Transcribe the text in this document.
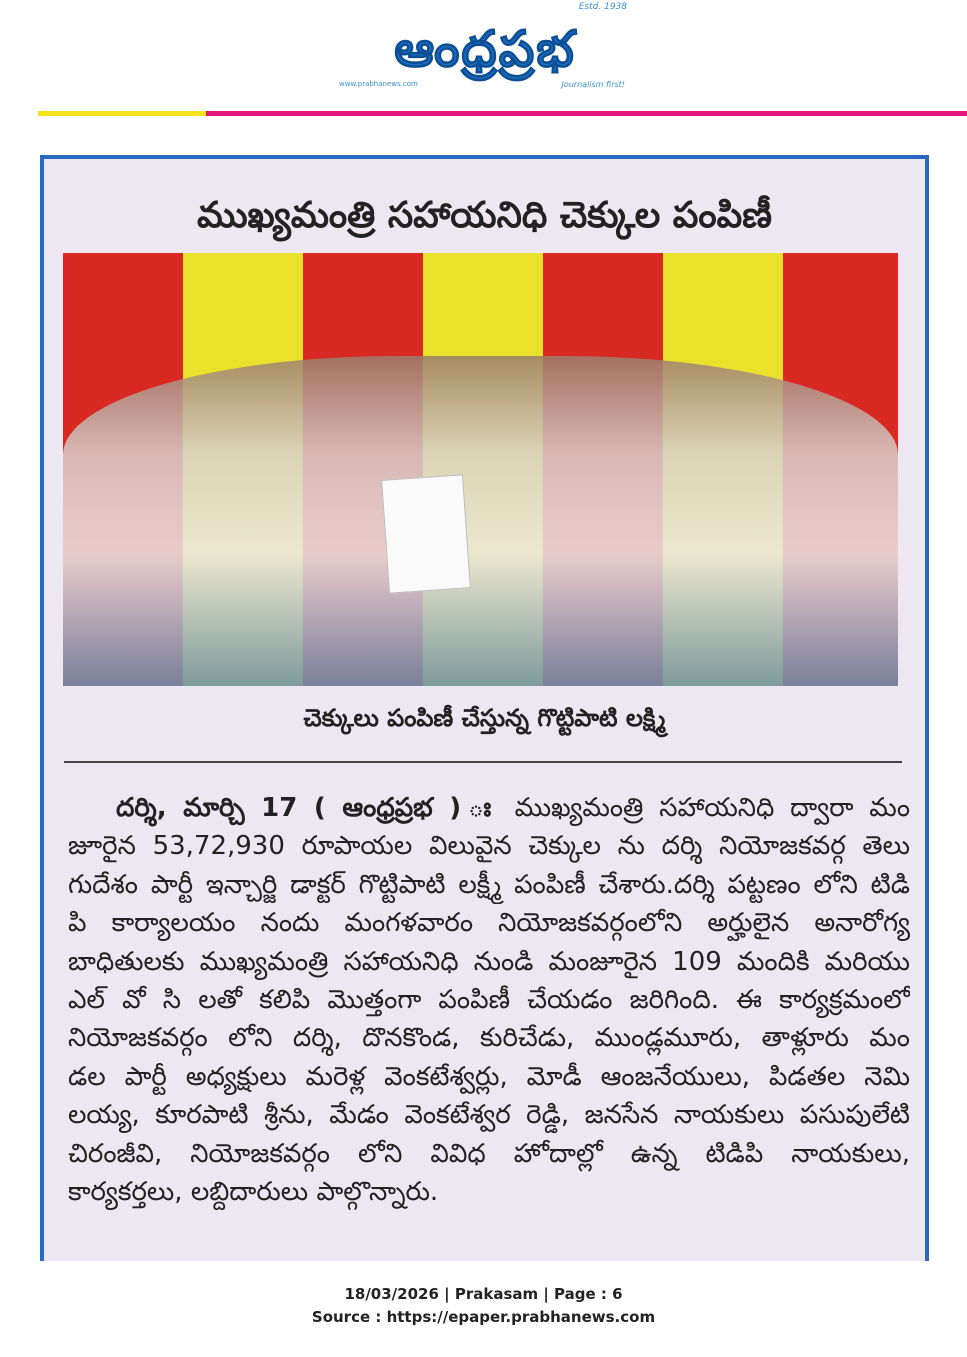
Estd. 1938
ఆంధ్రప్రభ
www.prabhanews.com	Journalism first!
ముఖ్యమంత్రి సహాయనిధి చెక్కుల పంపిణీ
చెక్కులు పంపిణీ చేస్తున్న గొట్టిపాటి లక్ష్మి
దర్శి, మార్చి 17 ( ఆంధ్రప్రభ ) ః ముఖ్యమంత్రి సహాయనిధి ద్వారా మం
జూరైన 53,72,930 రూపాయల విలువైన చెక్కుల ను దర్శి నియోజకవర్గ తెలు
గుదేశం పార్టీ ఇన్చార్జి డాక్టర్ గొట్టిపాటి లక్ష్మీ పంపిణీ చేశారు.దర్శి పట్టణం లోని టిడి
పి కార్యాలయం నందు మంగళవారం నియోజకవర్గంలోని అర్హులైన అనారోగ్య
బాధితులకు ముఖ్యమంత్రి సహాయనిధి నుండి మంజూరైన 109 మందికి మరియు
ఎల్ వో సి లతో కలిపి మొత్తంగా పంపిణీ చేయడం జరిగింది. ఈ కార్యక్రమంలో
నియోజకవర్గం లోని దర్శి, దొనకొండ, కురిచేడు, ముండ్లమూరు, తాళ్లూరు మం
డల పార్టీ అధ్యక్షులు మరెళ్ల వెంకటేశ్వర్లు, మోడీ ఆంజనేయులు, పిడతల నెమి
లయ్య, కూరపాటి శ్రీను, మేడం వెంకటేశ్వర రెడ్డి, జనసేన నాయకులు పసుపులేటి
చిరంజీవి, నియోజకవర్గం లోని వివిధ హోదాల్లో ఉన్న టిడిపి నాయకులు,
కార్యకర్తలు, లబ్దిదారులు పాల్గొన్నారు.
18/03/2026 | Prakasam | Page : 6
Source : https://epaper.prabhanews.com
